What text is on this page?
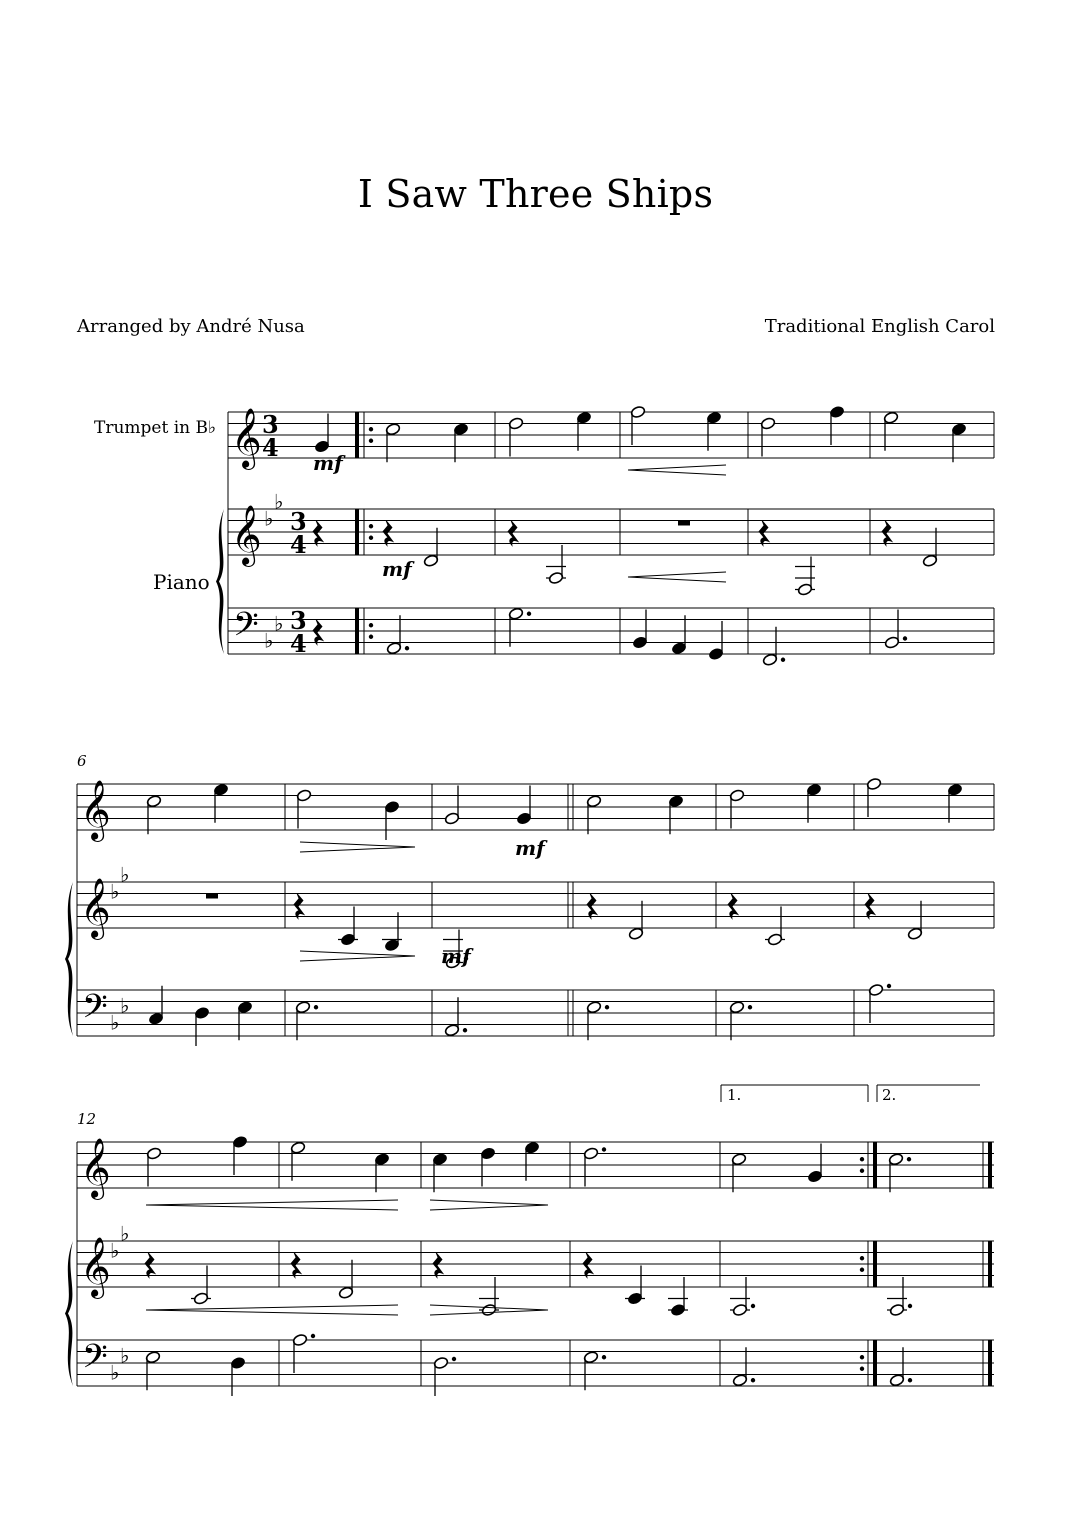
I Saw Three Ships
Arranged by André Nusa	Traditional English Carol
Trumpet in B♭
Piano
𝄞
𝄞
𝄢
♭
♭
♭
♭
3
4
3
4
3
4
mf
mf
6
𝄞
𝄞
𝄢
♭
♭
♭
♭
mf
mf
12
𝄞
𝄞
𝄢
♭
♭
♭
♭
1.	2.
